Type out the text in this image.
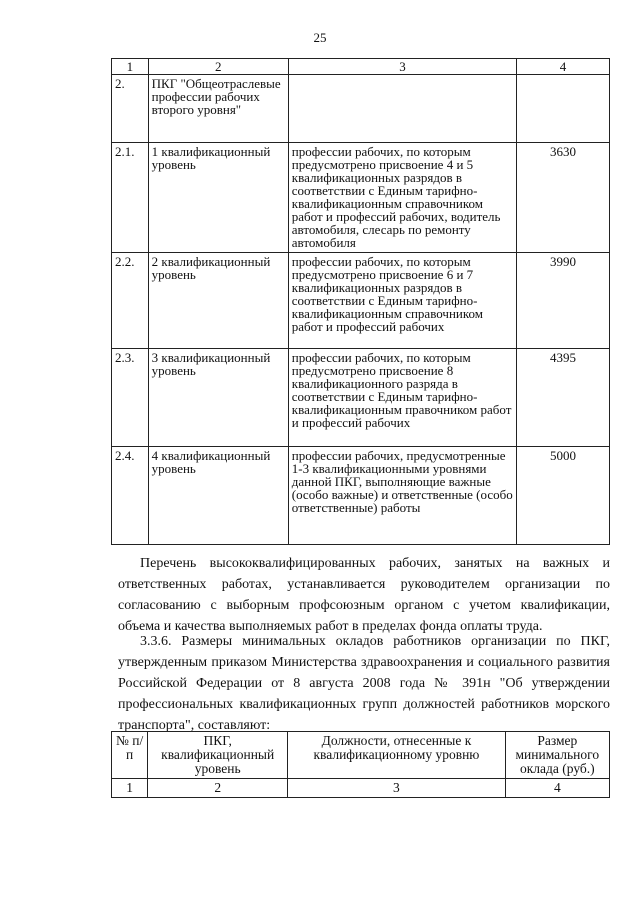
25
1	2	3	4
2.	ПКГ "Общеотраслевые профессии рабочих второго уровня"		
2.1.	1 квалификационный уровень	профессии рабочих, по которым предусмотрено присвоение 4 и 5 квалификационных разрядов в соответствии с Единым тарифно-квалификационным справочником работ и профессий рабочих, водитель автомобиля, слесарь по ремонту автомобиля	3630
2.2.	2 квалификационный уровень	профессии рабочих, по которым предусмотрено присвоение 6 и 7 квалификационных разрядов в соответствии с Единым тарифно-квалификационным справочником работ и профессий рабочих	3990
2.3.	3 квалификационный уровень	профессии рабочих, по которым предусмотрено присвоение 8 квалификационного разряда в соответствии с Единым тарифно-квалификационным правочником работ и профессий рабочих	4395
2.4.	4 квалификационный уровень	профессии рабочих, предусмотренные 1-3 квалификационными уровнями данной ПКГ, выполняющие важные (особо важные) и ответственные (особо ответственные) работы	5000
Перечень высококвалифицированных рабочих, занятых на важных и ответственных работах, устанавливается руководителем организации по согласованию с выборным профсоюзным органом с учетом квалификации, объема и качества выполняемых работ в пределах фонда оплаты труда.
3.3.6. Размеры минимальных окладов работников организации по ПКГ, утвержденным приказом Министерства здравоохранения и социального развития Российской Федерации от 8 августа 2008 года № 391н "Об утверждении профессиональных квалификационных групп должностей работников морского транспорта", составляют:
№ п/п	ПКГ, квалификационный уровень	Должности, отнесенные к квалификационному уровню	Размер минимального оклада (руб.)
1	2	3	4
